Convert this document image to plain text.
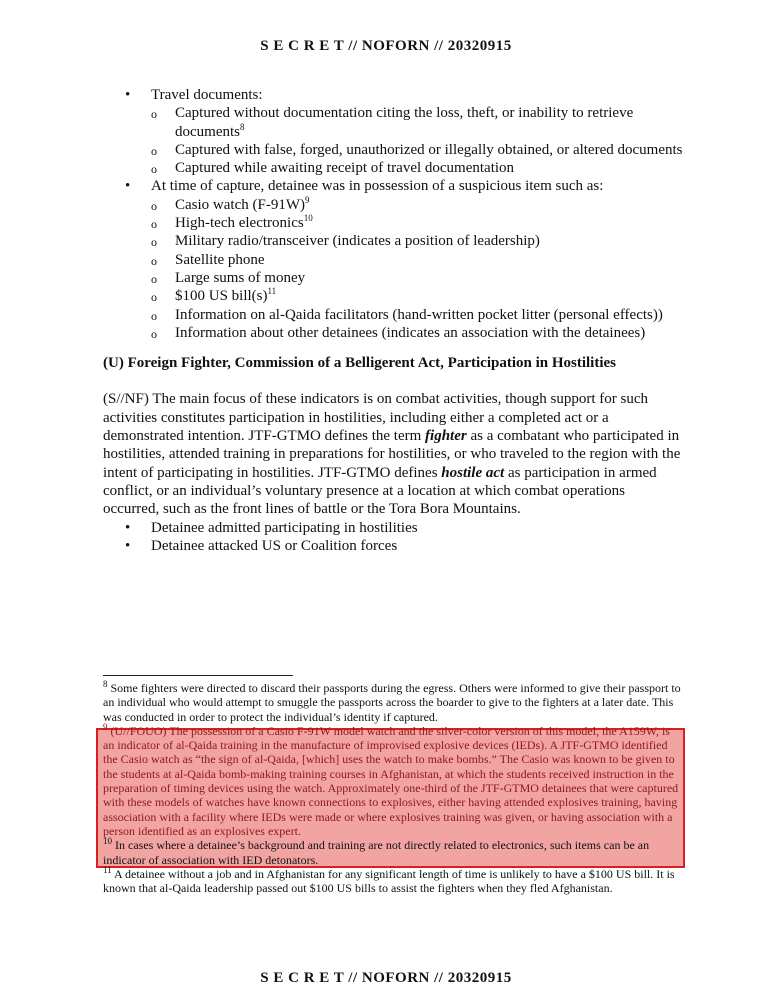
S E C R E T // NOFORN // 20320915
• Travel documents:
o Captured without documentation citing the loss, theft, or inability to retrieve documents$^8$
o Captured with false, forged, unauthorized or illegally obtained, or altered documents
o Captured while awaiting receipt of travel documentation
• At time of capture, detainee was in possession of a suspicious item such as:
o Casio watch $(F-91W)^9$
o High-tech electronics$^{10}$
o Military radio/transceiver (indicates a position of leadership)
o Satellite phone
o Large sums of money
o $100 US $bill(s)^{11}$
o Information on al-Qaida facilitators (hand-written pocket litter (personal effects))
o Information about other detainees (indicates an association with the detainees)
(U) Foreign Fighter, Commission of a Belligerent Act, Participation in Hostilities
(S//NF) The main focus of these indicators is on combat activities, though support for such activities constitutes participation in hostilities, including either a completed act or a demonstrated intention. JTF-GTMO defines the term fighter as a combatant who participated in hostilities, attended training in preparations for hostilities, or who traveled to the region with the intent of participating in hostilities. JTF-GTMO defines hostile act as participation in armed conflict, or an individual’s voluntary presence at a location at which combat operations occurred, such as the front lines of battle or the Tora Bora Mountains.
• Detainee admitted participating in hostilities
• Detainee attacked US or Coalition forces

$^8$ Some fighters were directed to discard their passports during the egress. Others were informed to give their passport to an individual who would attempt to smuggle the passports across the boarder to give to the fighters at a later date. This was conducted in order to protect the individual’s identity if captured.

$^9$ (U//FOUO) The possession of a Casio F-91W model watch and the silver-color version of this model, the A159W, is an indicator of al-Qaida training in the manufacture of improvised explosive devices (IEDs). A JTF-GTMO identified the Casio watch as “the sign of al-Qaida, [which] uses the watch to make bombs.” The Casio was known to be given to the students at al-Qaida bomb-making training courses in Afghanistan, at which the students received instruction in the preparation of timing devices using the watch. Approximately one-third of the JTF-GTMO detainees that were captured with these models of watches have known connections to explosives, either having attended explosives training, having association with a facility where IEDs were made or where explosives training was given, or having association with a person identified as an explosives expert.

$^{10}$ In cases where a detainee’s background and training are not directly related to electronics, such items can be an indicator of association with IED detonators.

$^{11}$ A detainee without a job and in Afghanistan for any significant length of time is unlikely to have a $100 US bill. It is known that al-Qaida leadership passed out $100 US bills to assist the fighters when they fled Afghanistan.

S E C R E T // NOFORN // 20320915
